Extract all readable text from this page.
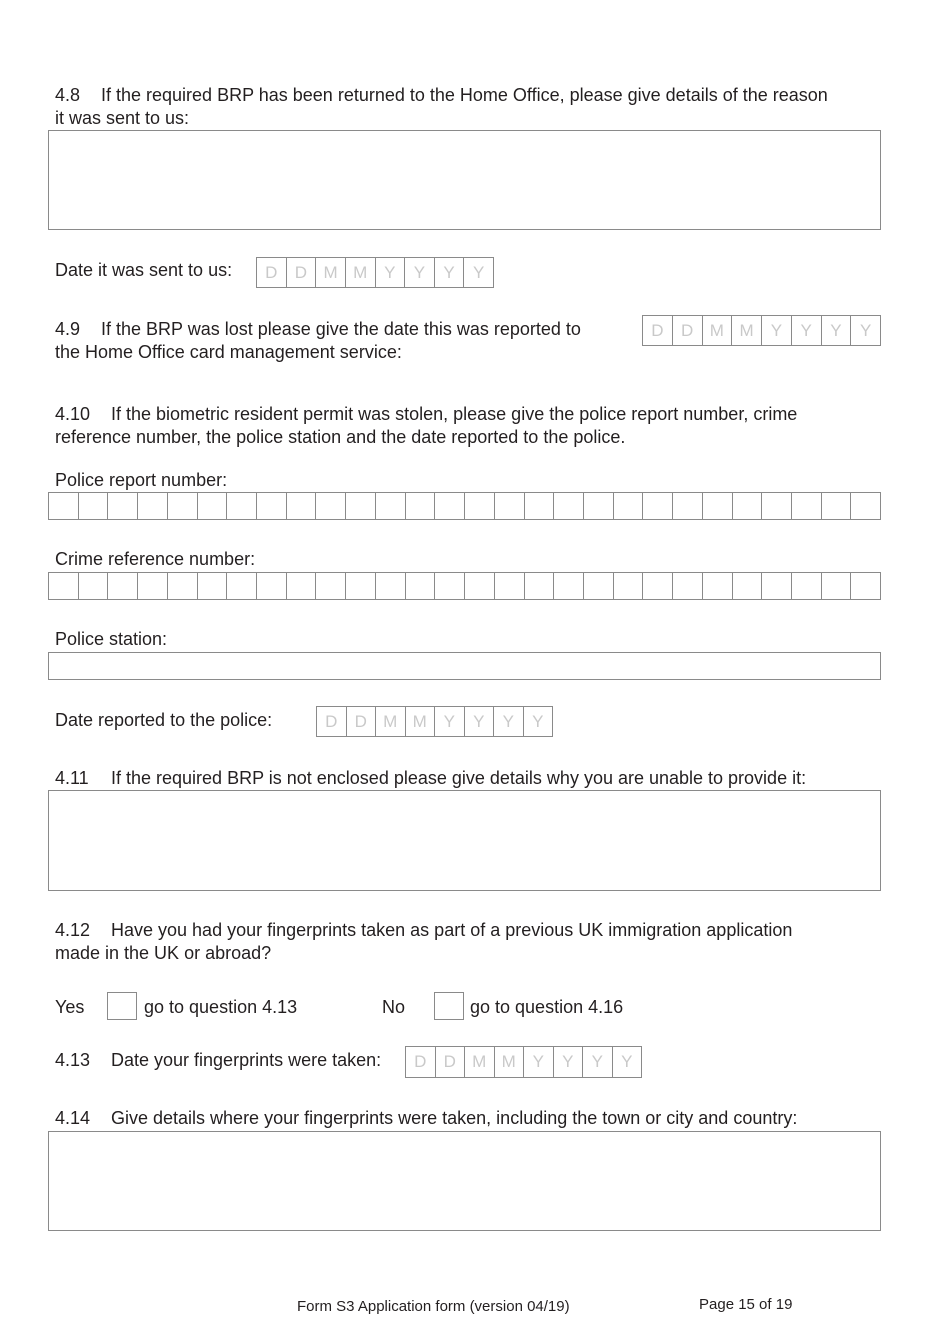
4.8 If the required BRP has been returned to the Home Office, please give details of the reason
it was sent to us:
Date it was sent to us:	D	D M M Y	Y	Y	Y
4.9 If the BRP was lost please give the date this was reported to
the Home Office card management service:
D	D M M	Y	Y	Y	Y
4.10 If the biometric resident permit was stolen, please give the police report number, crime
reference number, the police station and the date reported to the police.
Police report number:
Crime reference number:
Police station:
Date reported to the police:	D	D M M Y	Y	Y	Y
4.11 If the required BRP is not enclosed please give details why you are unable to provide it:
4.12 Have you had your fingerprints taken as part of a previous UK immigration application
made in the UK or abroad?
Yes	go to question 4.13	No	go to question 4.16
4.13 Date your fingerprints were taken:	D	D M M Y	Y	Y	Y
4.14 Give details where your fingerprints were taken, including the town or city and country:
Form S3 Application form (version 04/19)	Page 15 of 19
